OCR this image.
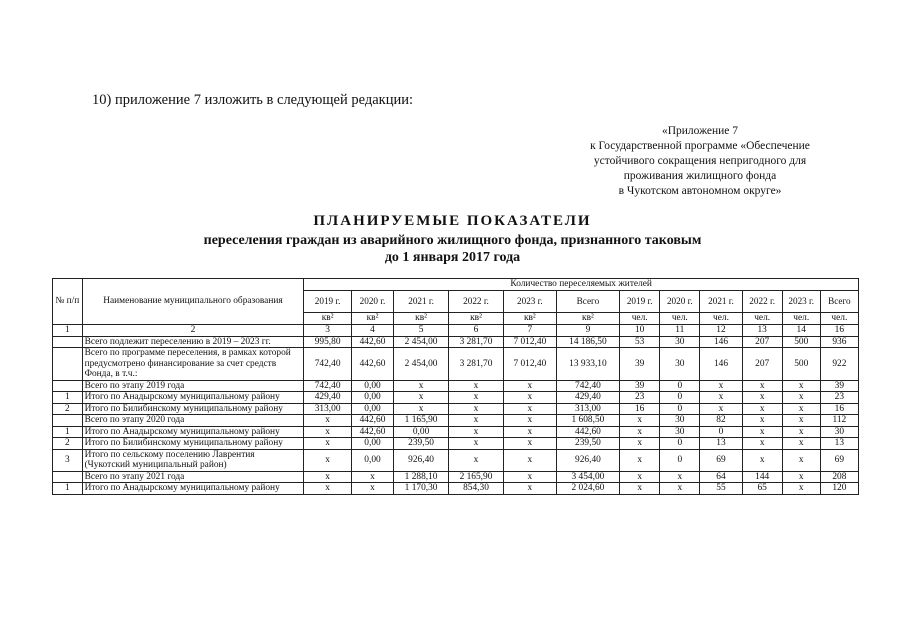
10) приложение 7 изложить в следующей редакции:
«Приложение 7
к Государственной программе «Обеспечение
устойчивого сокращения непригодного для
проживания жилищного фонда
в Чукотском автономном округе»
ПЛАНИРУЕМЫЕ ПОКАЗАТЕЛИ
переселения граждан из аварийного жилищного фонда, признанного таковым
до 1 января 2017 года
№ п/п	Наименование муниципального образования	Количество переселяемых жителей											
		2019 г.	2020 г.	2021 г.	2022 г.	2023 г.	Всего	2019 г.	2020 г.	2021 г.	2022 г.	2023 г.	Всего
		кв²	кв²	кв²	кв²	кв²	кв²	чел.	чел.	чел.	чел.	чел.	чел.
1	2	3	4	5	6	7	9	10	11	12	13	14	16
	Всего подлежит переселению в 2019 – 2023 гг.	995,80	442,60	2 454,00	3 281,70	7 012,40	14 186,50	53	30	146	207	500	936
	Всего по программе переселения, в рамках которой предусмотрено финансирование за счет средств Фонда, в т.ч.:	742,40	442,60	2 454,00	3 281,70	7 012,40	13 933,10	39	30	146	207	500	922
	Всего по этапу 2019 года	742,40	0,00	x	x	x	742,40	39	0	x	x	x	39
1	Итого по Анадырскому муниципальному району	429,40	0,00	x	x	x	429,40	23	0	x	x	x	23
2	Итого по Билибинскому муниципальному району	313,00	0,00	x	x	x	313,00	16	0	x	x	x	16
	Всего по этапу 2020 года	x	442,60	1 165,90	x	x	1 608,50	x	30	82	x	x	112
1	Итого по Анадырскому муниципальному району	x	442,60	0,00	x	x	442,60	x	30	0	x	x	30
2	Итого по Билибинскому муниципальному району	x	0,00	239,50	x	x	239,50	x	0	13	x	x	13
3	Итого по сельскому поселению Лаврентия (Чукотский муниципальный район)	x	0,00	926,40	x	x	926,40	x	0	69	x	x	69
	Всего по этапу 2021 года	x	x	1 288,10	2 165,90	x	3 454,00	x	x	64	144	x	208
1	Итого по Анадырскому муниципальному району	x	x	1 170,30	854,30	x	2 024,60	x	x	55	65	x	120
